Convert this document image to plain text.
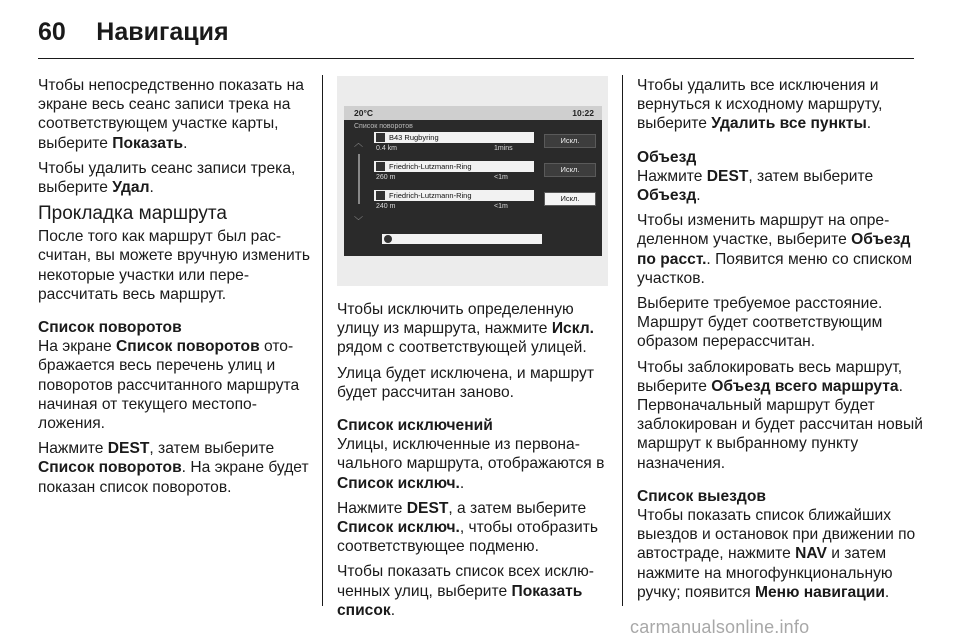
60 Навигация

Чтобы непосредственно показать на экране весь сеанс записи трека на соответствующем участке карты, выберите Показать.

Чтобы удалить сеанс записи трека, выберите Удал.

Прокладка маршрута

После того как маршрут был рассчитан, вы можете вручную изменить некоторые участки или перерассчитать весь маршрут.

Список поворотов

На экране Список поворотов отображается весь перечень улиц и поворотов рассчитанного маршрута начиная от текущего местоположения.

Нажмите DEST, затем выберите Список поворотов. На экране будет показан список поворотов.

20°C	10:22
Список поворотов
︿
﹀
B43 Rugbyring
0.4 km	1mins
Искл.
Friedrich-Lutzmann-Ring
260 m	<1m
Искл.
Friedrich-Lutzmann-Ring
240 m	<1m
Искл.

Чтобы исключить определенную улицу из маршрута, нажмите Искл. рядом с соответствующей улицей.

Улица будет исключена, и маршрут будет рассчитан заново.

Список исключений

Улицы, исключенные из первоначального маршрута, отображаются в Список исключ..

Нажмите DEST, а затем выберите Список исключ., чтобы отобразить соответствующее подменю.

Чтобы показать список всех исключенных улиц, выберите Показать список.

Чтобы удалить все исключения и вернуться к исходному маршруту, выберите Удалить все пункты.

Объезд

Нажмите DEST, затем выберите Объезд.

Чтобы изменить маршрут на определенном участке, выберите Объезд по расст.. Появится меню со списком участков.

Выберите требуемое расстояние. Маршрут будет соответствующим образом перерассчитан.

Чтобы заблокировать весь маршрут, выберите Объезд всего маршрута. Первоначальный маршрут будет заблокирован и будет рассчитан новый маршрут к выбранному пункту назначения.

Список выездов

Чтобы показать список ближайших выездов и остановок при движении по автостраде, нажмите NAV и затем нажмите на многофункциональную ручку; появится Меню навигации.

carmanualsonline.info
